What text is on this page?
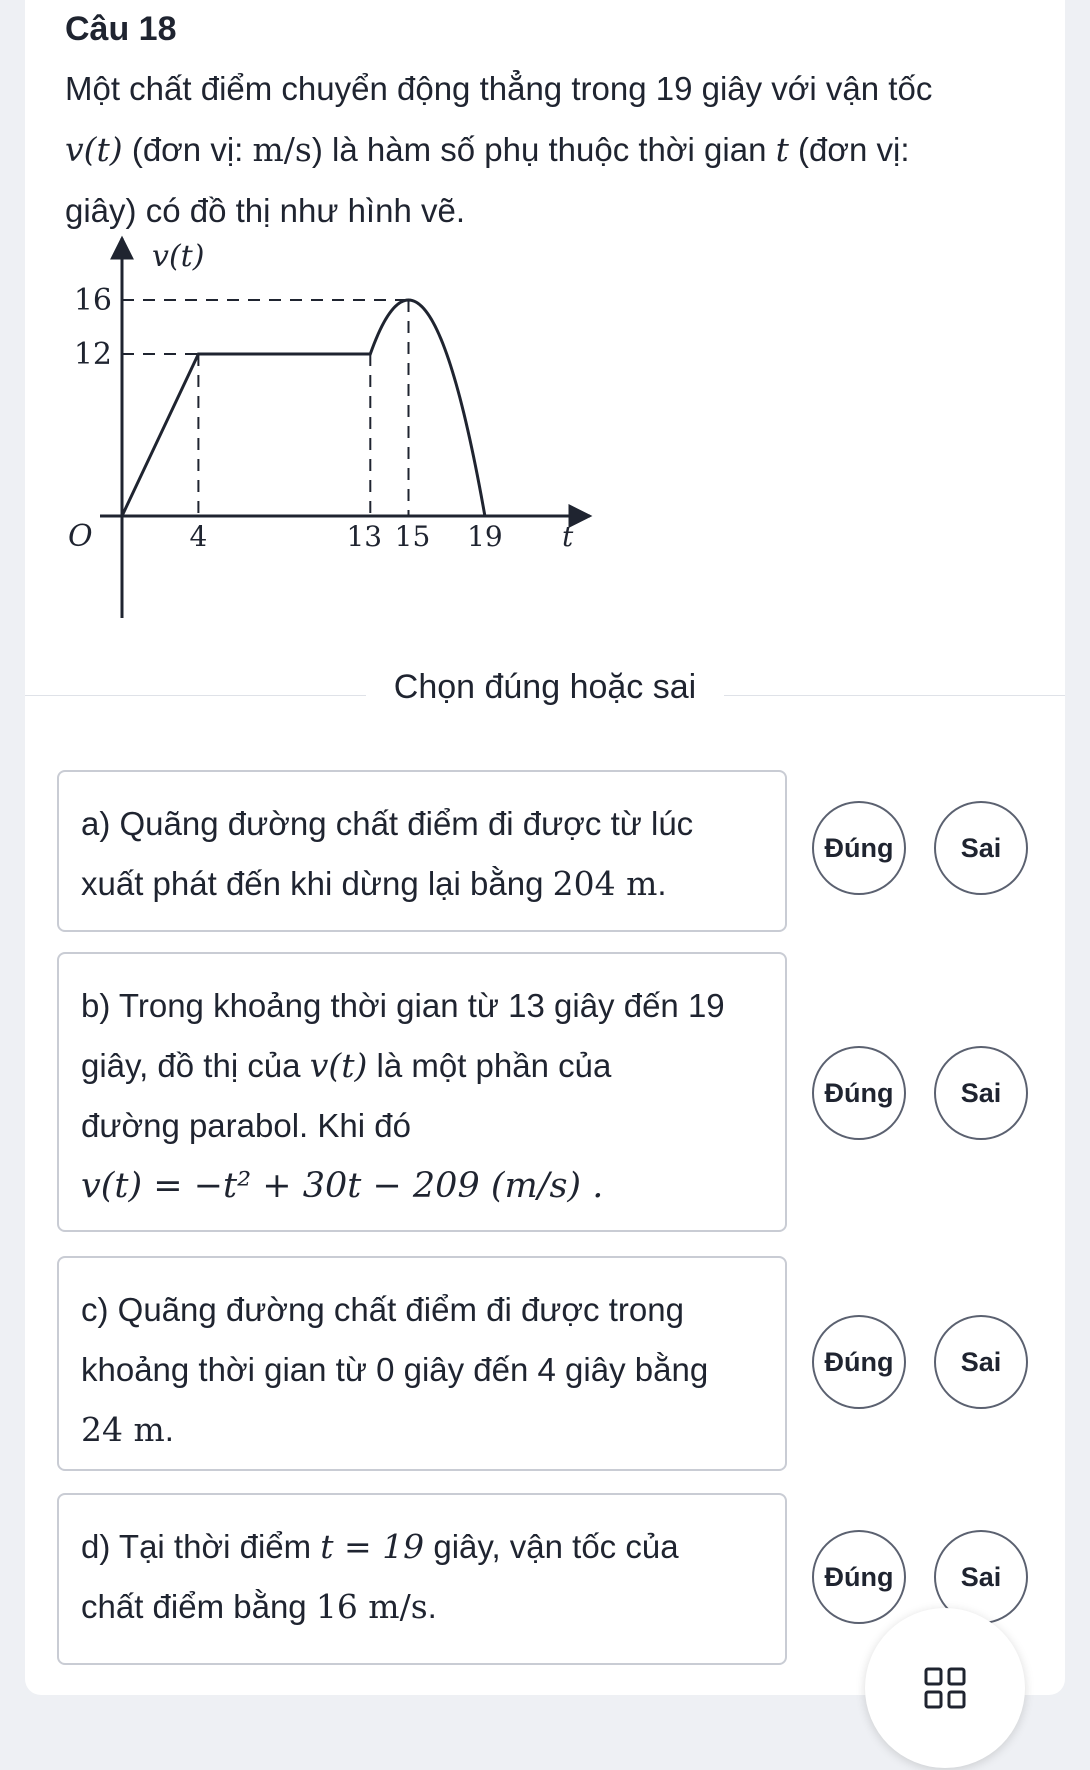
Câu 18
Một chất điểm chuyển động thẳng trong 19 giây với vận tốc
v(t) (đơn vị: m/s) là hàm số phụ thuộc thời gian t (đơn vị:
giây) có đồ thị như hình vẽ.
v(t)
O	t
12
16
4	13 15 19
Chọn đúng hoặc sai
a) Quãng đường chất điểm đi được từ lúc
xuất phát đến khi dừng lại bằng 204 m.
Đúng	Sai
b) Trong khoảng thời gian từ 13 giây đến 19
giây, đồ thị của v(t) là một phần của
đường parabol. Khi đó
v(t) = −t² + 30t − 209 (m/s) .
Đúng	Sai
c) Quãng đường chất điểm đi được trong
khoảng thời gian từ 0 giây đến 4 giây bằng
24 m.
Đúng	Sai
d) Tại thời điểm t = 19 giây, vận tốc của
chất điểm bằng 16 m/s.
Đúng	Sai
